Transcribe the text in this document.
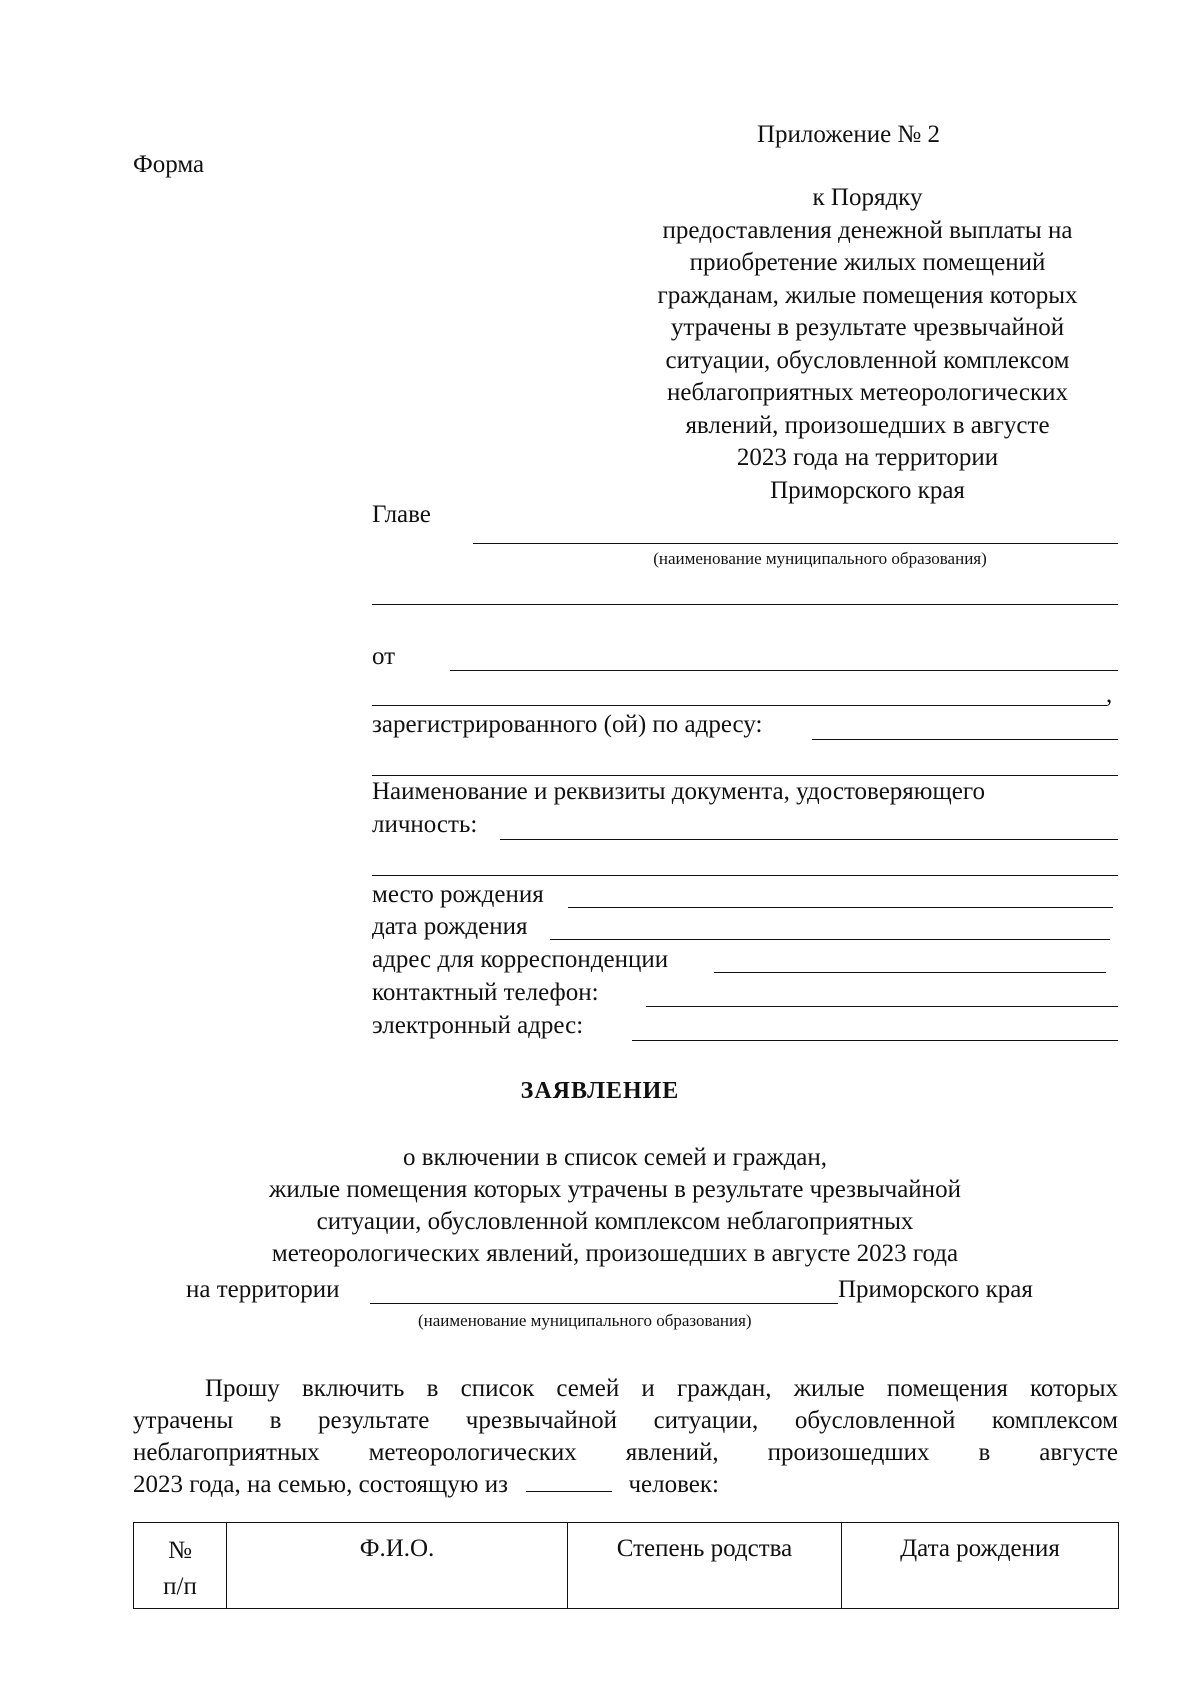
Форма
Приложение № 2
к Порядку
предоставления денежной выплаты на
приобретение жилых помещений
гражданам, жилые помещения которых
утрачены в результате чрезвычайной
ситуации, обусловленной комплексом
неблагоприятных метеорологических
явлений, произошедших в августе
2023 года на территории
Приморского края
Главе
(наименование муниципального образования)
от
,
зарегистрированного (ой) по адресу:
Наименование и реквизиты документа, удостоверяющего
личность:
место рождения
дата рождения
адрес для корреспонденции
контактный телефон:
электронный адрес:
ЗАЯВЛЕНИЕ
о включении в список семей и граждан,
жилые помещения которых утрачены в результате чрезвычайной
ситуации, обусловленной комплексом неблагоприятных
метеорологических явлений, произошедших в августе 2023 года
на территории	Приморского края
(наименование муниципального образования)
Прошу включить в список семей и граждан, жилые помещения которых
утрачены в результате чрезвычайной ситуации, обусловленной комплексом
неблагоприятных метеорологических явлений, произошедших в августе
2023 года, на семью, состоящую из	человек:
№ п/п	Ф.И.О.	Степень родства	Дата рождения
